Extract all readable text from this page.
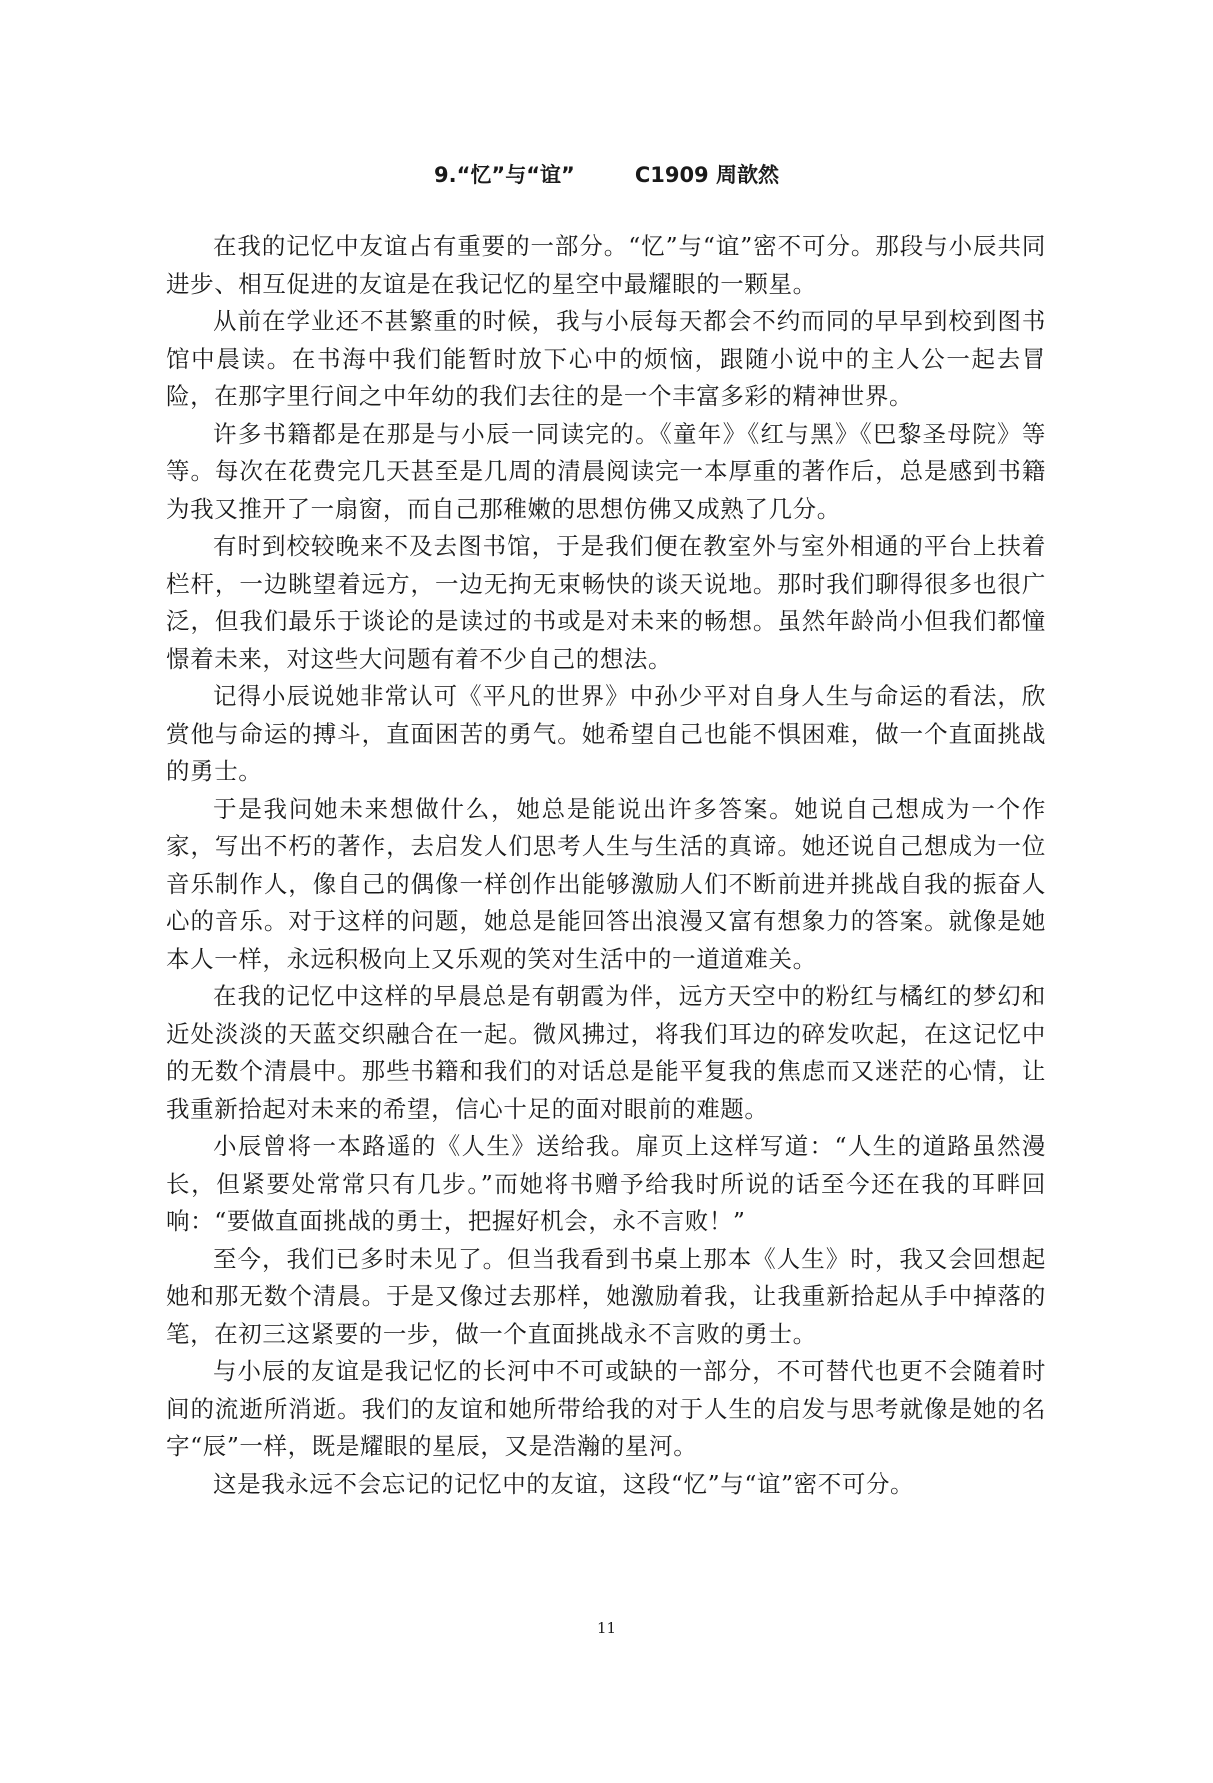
9.“忆”与“谊”	C1909 周歆然

在我的记忆中友谊占有重要的一部分。“忆”与“谊”密不可分。那段与小辰共同进步、相互促进的友谊是在我记忆的星空中最耀眼的一颗星。

从前在学业还不甚繁重的时候，我与小辰每天都会不约而同的早早到校到图书馆中晨读。在书海中我们能暂时放下心中的烦恼，跟随小说中的主人公一起去冒险，在那字里行间之中年幼的我们去往的是一个丰富多彩的精神世界。

许多书籍都是在那是与小辰一同读完的。《童年》《红与黑》《巴黎圣母院》等等。每次在花费完几天甚至是几周的清晨阅读完一本厚重的著作后，总是感到书籍为我又推开了一扇窗，而自己那稚嫩的思想仿佛又成熟了几分。

有时到校较晚来不及去图书馆，于是我们便在教室外与室外相通的平台上扶着栏杆，一边眺望着远方，一边无拘无束畅快的谈天说地。那时我们聊得很多也很广泛，但我们最乐于谈论的是读过的书或是对未来的畅想。虽然年龄尚小但我们都憧憬着未来，对这些大问题有着不少自己的想法。

记得小辰说她非常认可《平凡的世界》中孙少平对自身人生与命运的看法，欣赏他与命运的搏斗，直面困苦的勇气。她希望自己也能不惧困难，做一个直面挑战的勇士。

于是我问她未来想做什么，她总是能说出许多答案。她说自己想成为一个作家，写出不朽的著作，去启发人们思考人生与生活的真谛。她还说自己想成为一位音乐制作人，像自己的偶像一样创作出能够激励人们不断前进并挑战自我的振奋人心的音乐。对于这样的问题，她总是能回答出浪漫又富有想象力的答案。就像是她本人一样，永远积极向上又乐观的笑对生活中的一道道难关。

在我的记忆中这样的早晨总是有朝霞为伴，远方天空中的粉红与橘红的梦幻和近处淡淡的天蓝交织融合在一起。微风拂过，将我们耳边的碎发吹起，在这记忆中的无数个清晨中。那些书籍和我们的对话总是能平复我的焦虑而又迷茫的心情，让我重新拾起对未来的希望，信心十足的面对眼前的难题。

小辰曾将一本路遥的《人生》送给我。扉页上这样写道：“人生的道路虽然漫长，但紧要处常常只有几步。”而她将书赠予给我时所说的话至今还在我的耳畔回响：“要做直面挑战的勇士，把握好机会，永不言败！”

至今，我们已多时未见了。但当我看到书桌上那本《人生》时，我又会回想起她和那无数个清晨。于是又像过去那样，她激励着我，让我重新拾起从手中掉落的笔，在初三这紧要的一步，做一个直面挑战永不言败的勇士。

与小辰的友谊是我记忆的长河中不可或缺的一部分，不可替代也更不会随着时间的流逝所消逝。我们的友谊和她所带给我的对于人生的启发与思考就像是她的名字“辰”一样，既是耀眼的星辰，又是浩瀚的星河。

这是我永远不会忘记的记忆中的友谊，这段“忆”与“谊”密不可分。

11
